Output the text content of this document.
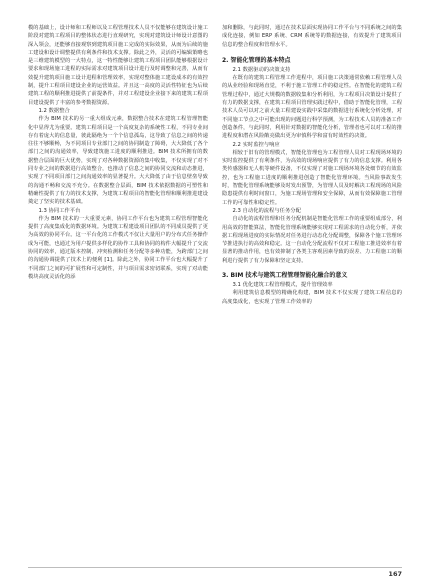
模的基础上，设计师和工程师以及工程管理技术人员不仅能够在建筑设计施工阶段对建筑工程项目的整体状态进行直观研究，实现对建筑设计师设计意图的深入领会，还能够直接观察到建筑项目施工完成的实际效果，从而为后续的施工建设和设计调整提供有利条件和技术支撑。除此之外，灵活的可编辑策略也是三维建筑模型的一大特点，这一特性能够让建筑工程项目团队能够根据设计要求和现场施工进程的实际需求对建筑项目设计进行及时调整和完善，从而有效提升建筑项目施工设计进程和管理效率，实现对整体施工建设成本的有效控制，提升工程项目建设企业的运营效益。并且这一高度的灵活性特征也为后续建筑工程的顺利推进提供了前提条件，并对工程建设企业接下来的建筑工程项目建设提供了丰富的参考数据资源。

1.2 数据整合

作为 BIM 技术的另一重大组成元素，数据整合技术在建筑工程管理智能化中显得尤为重要。建筑工程项目是一个高度复杂的系统性工程，不同专业间存有着庞大的信息量，彼此隔绝为一个个信息孤岛，这导致了信息之间的传递往往不够顺畅，为不同项目专业部门之间的协同制造了障碍，大大降低了各个部门之间的沟通效率，导致建筑施工进度的顺利推进。BIM 技术所拥有的数据整合层面的巨大优势，实现了对各种数据资源的集中收集，不仅实现了对不同专业之间的数据进行高效整合，也推动了信息之间的协同交流和动态推进，实现了不同项目部门之间沟通效率的显著提升。大大降低了由于信息壁垒导致的沟通不畅和交流不充分。在数据整合层面，BIM 技术依据数据的可塑性和精确性提供了有力的技术支撑，为建筑工程项目的智能化管理和顺利推进建设奠定了坚实的技术基础。

1.3 协同工作平台

作为 BIM 技术的一大重要元素，协同工作平台也为建筑工程管理智能化提供了高度集成化的数据环境。为建筑工程建设项目团队的不同成员提供了更为高效的协同平台。这一平台化的工作模式不仅让大量用户的分布式任务操作成为可能，也通过为用户提供多样化的协作工具和协同的构件大幅提升了交流协同的效率，通过版本控制、冲突检测和任务分配等多种功能，为跨部门之间的沟通协调提供了技术上的便利 [1]。除此之外，协同工作平台也大幅提升了不同部门之间的可扩展性和可定制性，并与项目需求密切联系，实现了对动能模块高度灵活化的添

加和删除，与此同时，通过在技术层面实现协同工作平台与不同系统之间的集成化连接，例如 ERP 系统、CRM 系统等的数据连接，有效提升了建筑项目信息的整合程度和管理水平。

2. 智能化管理的基本特点

2.1 数据驱动的决策支持

在既有的建筑工程管理工作进程中，项目施工决策通常依赖工程管理人员的从业经验和现场直觉，不利于施工管理工作的稳定性。在智能化的建筑工程管理过程中，通过大规模的数据收集和分析利用，为工程项目决策设计提供了有力的数据支撑，在建筑工程项目管理实践过程中，借助于智能化管理，工程技术人员可以对之前大量工程建设实践中采集的数据进行系统化分析处理，对不同施工节点之中可能出现的问题进行科学预测，为工程技术人员的准备工作创造条件，与此同时，利用针对数据的智能化分析，管理者也可以对工程的推进程度和潜在风险敞亮做出更为审慎科学和富有时效性的决策。

2.2 实时监控与响应

相较于旧有的管理模式，智能化管理也为工程管理人员对工程现场环境的实时监控提供了有利条件，为高效的现场响应提供了有力的信息支撑。利用各类传感器和无人机等硬件设备，不仅实现了对施工现场环境各处细节的有效监控，也为工程施工进度的顺利推进创造了智能化管理环境。当风险事故发生时，智能化管理系统能够及时发出预警，为管理人员及时解决工程现场的风险隐患提供有利时间窗口，为施工现场管理和安全保障，从而有效保障施工管理工作的可靠性和稳定性。

2.3 自动化的流程与任务分配

自动化的流程管理和任务分配机制是智能化管理工作的重要组成部分，利用高效的智能算法，智能化管理系统能够实现对工程需求的自动化分析，并依据工程现场进度的实际情况对任务进行动态化分配调整，保障各个施工管理环节推进执行的高效和稳定。这一自动化分配流程不仅对工程施工推进效率有着显著的推动作用，也有效抑制了各类主客观因素导致的误差、力工程施工的顺利进行提供了有力保障和坚定支持。

3. BIM 技术与建筑工程管理智能化融合的意义

3.1 优化建筑工程管理模式，提升管理效率

利用建筑信息模型的精确化构建，BIM 技术不仅实现了建筑工程信息的高度集成化，也实现了管理工作效率的

167
